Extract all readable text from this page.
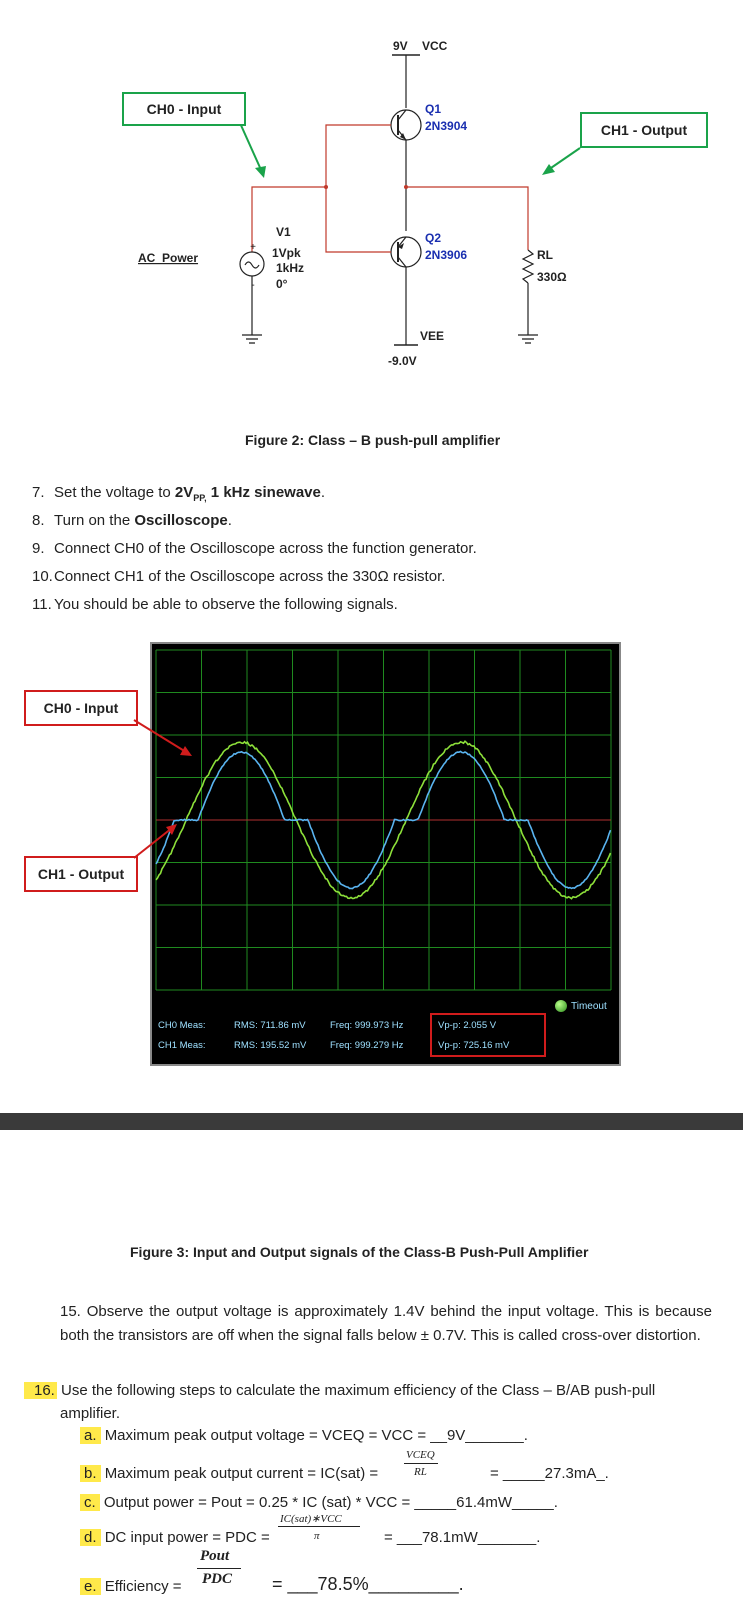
+
-
9V VCC
Q1
2N3904
Q2
2N3906
VEE
-9.0V
AC_Power
V1
1Vpk
1kHz
0°
RL
330Ω
CH0 - Input
CH1 - Output
Figure 2: Class – B push-pull amplifier
7. Set the voltage to $2V_{PP,}$ 1 kHz sinewave.
8. Turn on the Oscilloscope.
9. Connect CH0 of the Oscilloscope across the function generator.
10.Connect CH1 of the Oscilloscope across the 330Ω resistor.
11. You should be able to observe the following signals.
Timeout
CH0 Meas:	RMS: 711.86 mV	Freq: 999.973 Hz	Vp-p: 2.055 V
CH1 Meas:	RMS: 195.52 mV Freq: 999.279 Hz	Vp-p: 725.16 mV
CH0 - Input
CH1 - Output
Figure 3: Input and Output signals of the Class-B Push-Pull Amplifier
15. Observe the output voltage is approximately 1.4V behind the input voltage. This is because both the transistors are off when the signal falls below ± 0.7V. This is called cross-over distortion.
16. Use the following steps to calculate the maximum efficiency of the Class – B/AB push-pull
amplifier.
a. Maximum peak output voltage = VCEQ = VCC = __9V_______.
VCEQ
RL
b. Maximum peak output current = IC(sat) =	= _____27.3mA_.
c. Output power = Pout = 0.25 * IC (sat) * VCC = _____61.4mW_____.
IC(sat)∗VCC
π
d. DC input power = PDC =	= ___78.1mW_______.
Pout
PDC
e. Efficiency =	= ___78.5%_________.
